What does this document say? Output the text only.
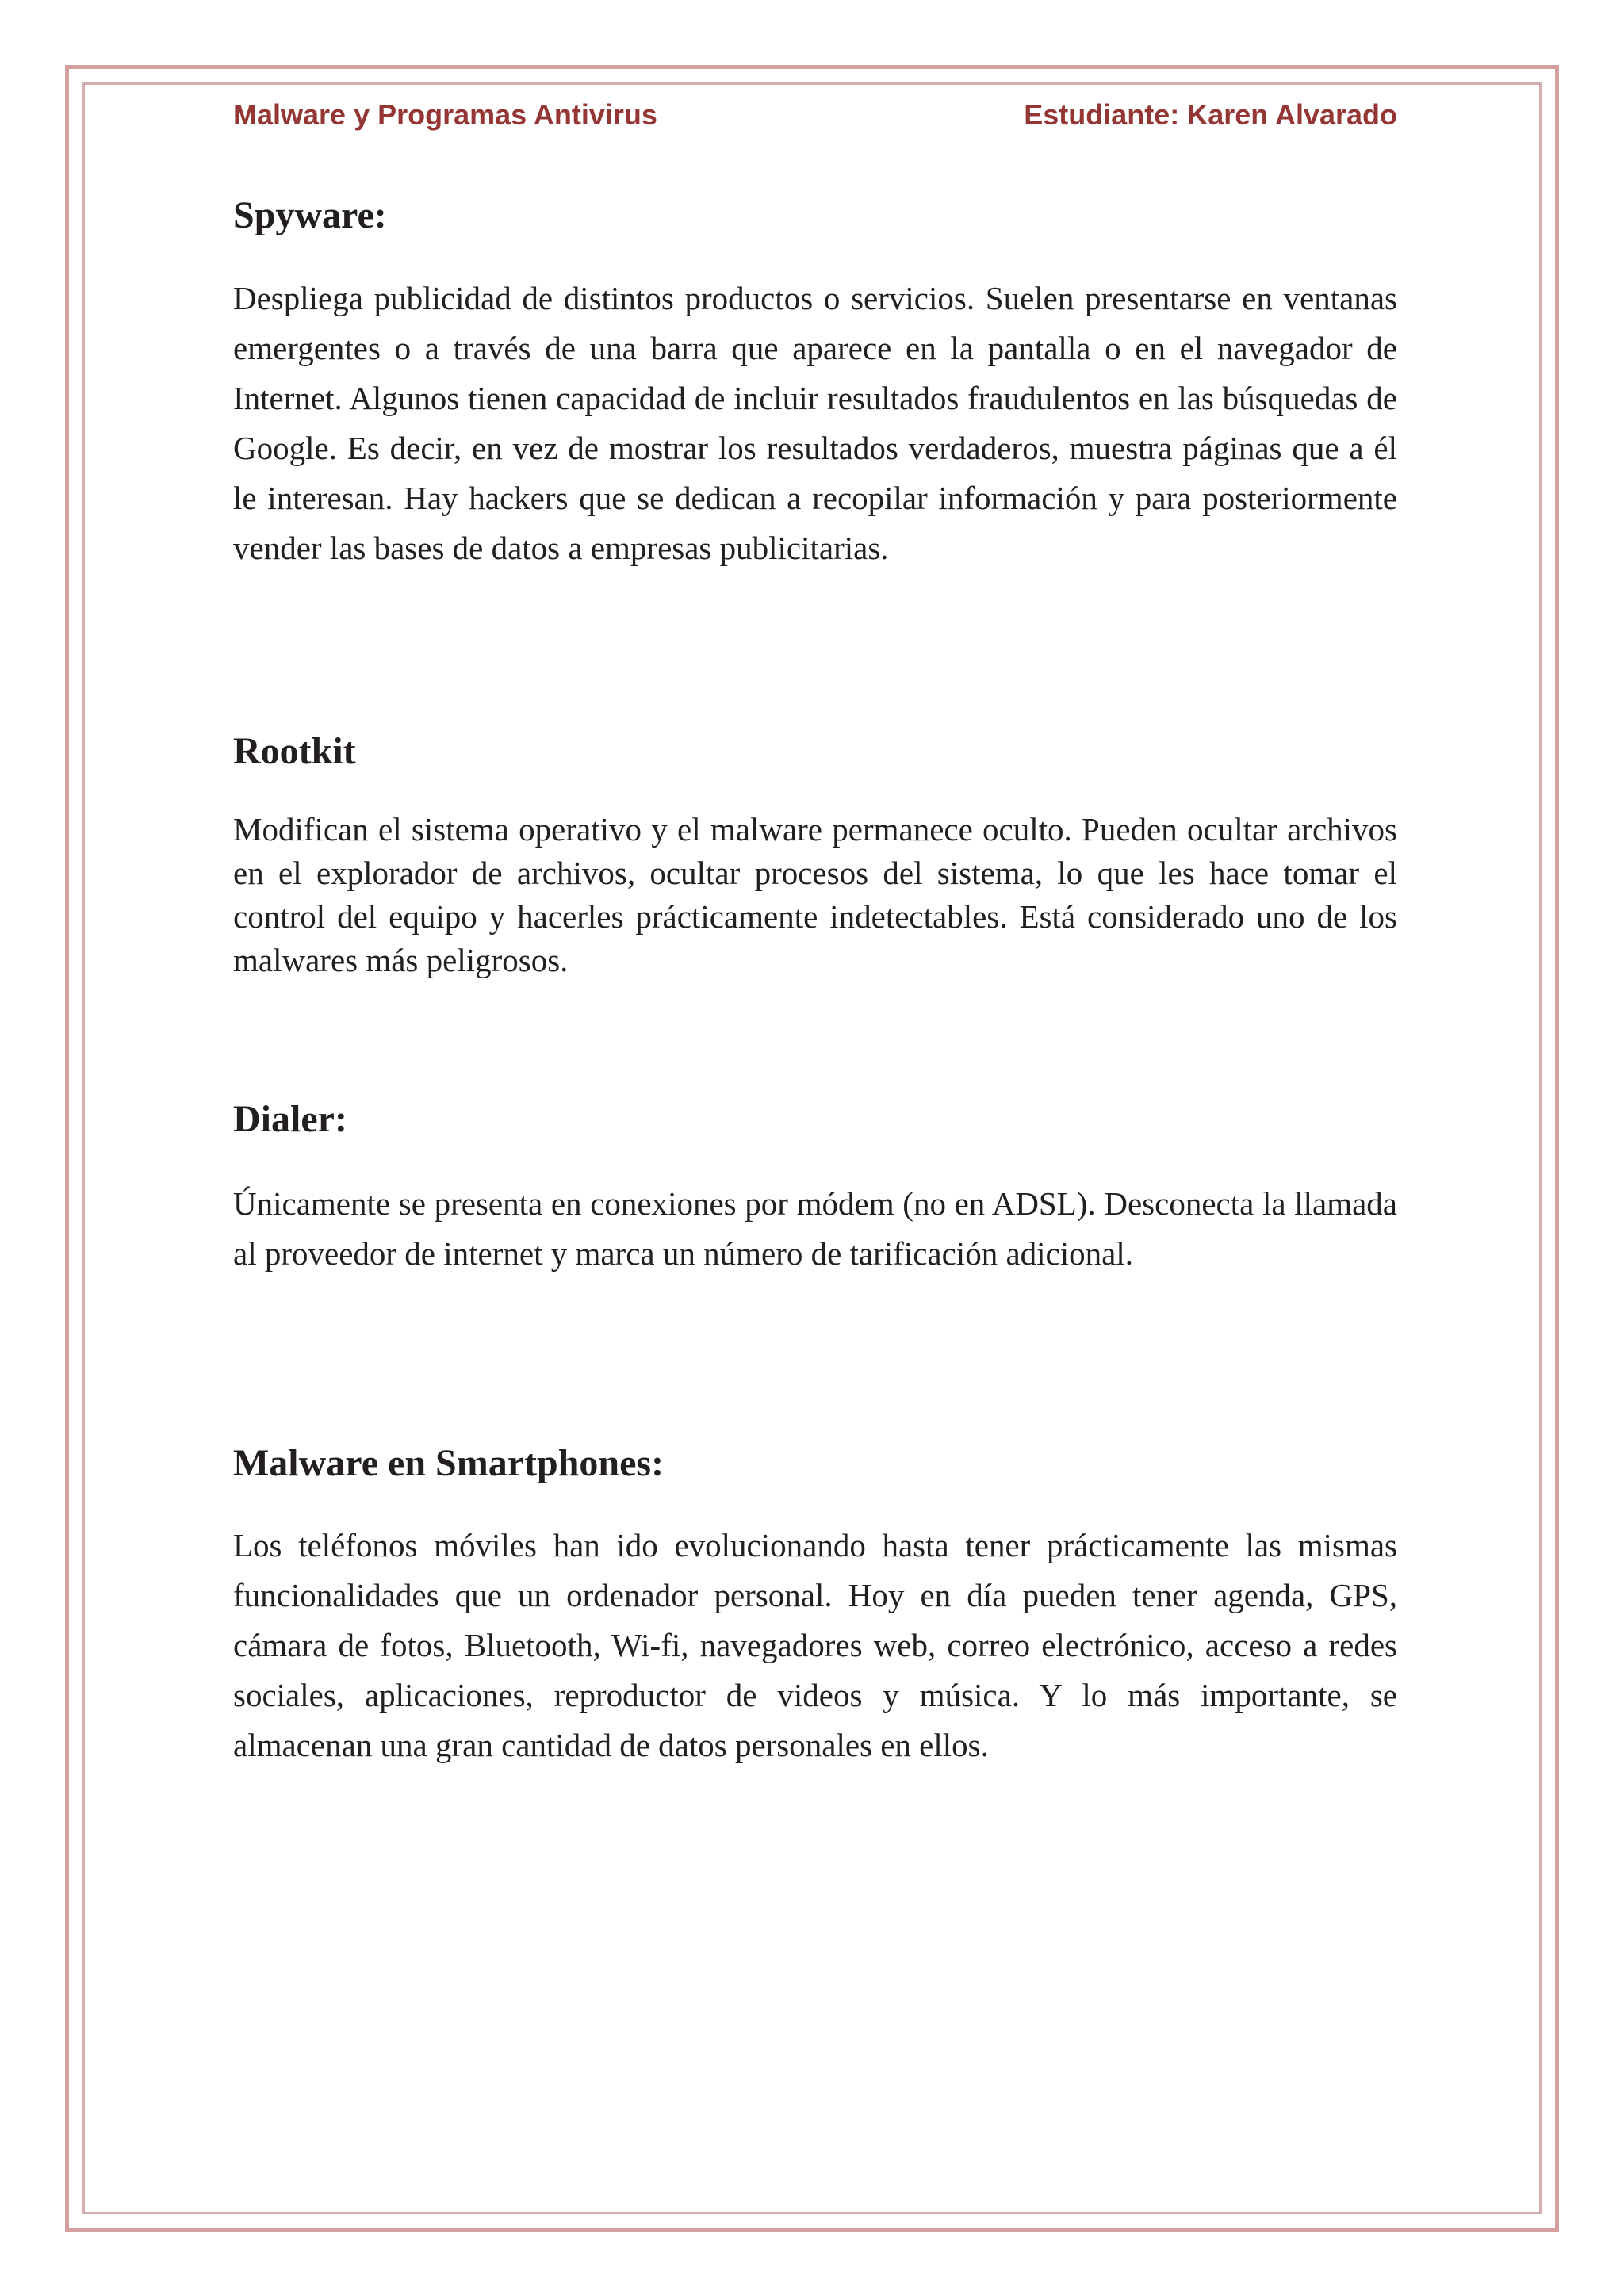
Malware y Programas Antivirus	Estudiante: Karen Alvarado
Spyware:

Despliega publicidad de distintos productos o servicios. Suelen presentarse en ventanas emergentes o a través de una barra que aparece en la pantalla o en el navegador de Internet. Algunos tienen capacidad de incluir resultados fraudulentos en las búsquedas de Google. Es decir, en vez de mostrar los resultados verdaderos, muestra páginas que a él le interesan. Hay hackers que se dedican a recopilar información y para posteriormente vender las bases de datos a empresas publicitarias.

Rootkit

Modifican el sistema operativo y el malware permanece oculto. Pueden ocultar archivos en el explorador de archivos, ocultar procesos del sistema, lo que les hace tomar el control del equipo y hacerles prácticamente indetectables. Está considerado uno de los malwares más peligrosos.

Dialer:

Únicamente se presenta en conexiones por módem (no en ADSL). Desconecta la llamada al proveedor de internet y marca un número de tarificación adicional.

Malware en Smartphones:

Los teléfonos móviles han ido evolucionando hasta tener prácticamente las mismas funcionalidades que un ordenador personal. Hoy en día pueden tener agenda, GPS, cámara de fotos, Bluetooth, Wi-fi, navegadores web, correo electrónico, acceso a redes sociales, aplicaciones, reproductor de videos y música. Y lo más importante, se almacenan una gran cantidad de datos personales en ellos.
